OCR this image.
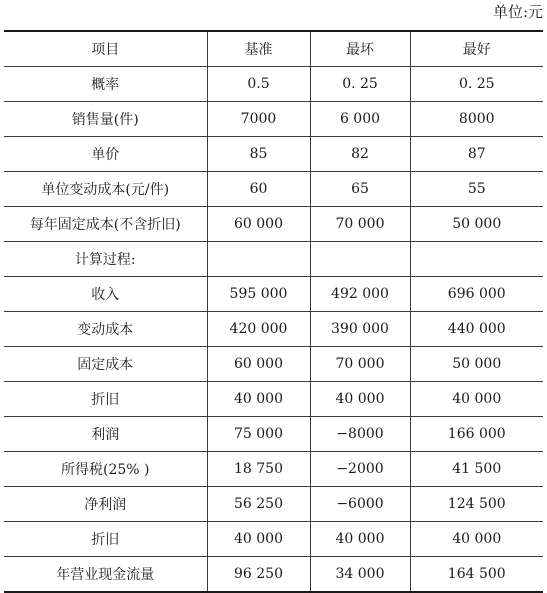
单位:元
项目	基准	最坏	最好
概率	0.5	0. 25	0. 25
销售量(件)	7000	6 000	8000
单价	85	82	87
单位变动成本(元/件)	60	65	55
每年固定成本(不含折旧)	60 000	70 000	50 000
计算过程:			
收入	595 000	492 000	696 000
变动成本	420 000	390 000	440 000
固定成本	60 000	70 000	50 000
折旧	40 000	40 000	40 000
利润	75 000	−8000	166 000
所得税(25% )	18 750	−2000	41 500
净利润	56 250	−6000	124 500
折旧	40 000	40 000	40 000
年营业现金流量	96 250	34 000	164 500
